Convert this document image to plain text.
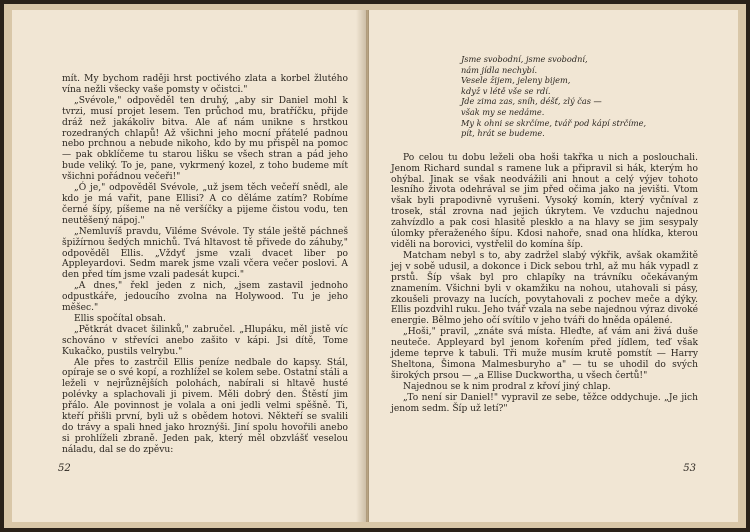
mít. My bychom raději hrst poctivého zlata a korbel žlutého vína nežli všecky vaše pomsty v očistci."

„Svévole," odpověděl ten druhý, „aby sir Daniel mohl k tvrzi, musí projet lesem. Ten průchod mu, bratříčku, přijde dráž než jakákoliv bitva. Ale ať nám unikne s hrstkou rozedraných chlapů! Až všichni jeho mocní přátelé padnou nebo prchnou a nebude nikoho, kdo by mu přispěl na pomoc — pak obklíčeme tu starou lišku se všech stran a pád jeho bude veliký. To je, pane, vykrmený kozel, z toho budeme mít všichni pořádnou večeři!"

„Ó je," odpověděl Svévole, „už jsem těch večeří snědl, ale kdo je má vařit, pane Ellisi? A co děláme zatím? Robíme černé šípy, píšeme na ně veršíčky a pijeme čistou vodu, ten neutěšený nápoj."

„Nemluvíš pravdu, Viléme Svévole. Ty stále ještě páchneš špižírnou šedých mnichů. Tvá hltavost tě přivede do záhuby," odpověděl Ellis. „Vždyť jsme vzali dvacet liber po Appleyardovi. Sedm marek jsme vzali včera večer poslovi. A den před tím jsme vzali padesát kupci."

„A dnes," řekl jeden z nich, „jsem zastavil jednoho odpustkáře, jedoucího zvolna na Holywood. Tu je jeho měšec."

Ellis spočítal obsah.

„Pětkrát dvacet šilinků," zabručel. „Hlupáku, měl jistě víc schováno v střevíci anebo zašito v kápi. Jsi dítě, Tome Kukačko, pustils velrybu."

Ale přes to zastrčil Ellis peníze nedbale do kapsy. Stál, opíraje se o své kopí, a rozhlížel se kolem sebe. Ostatní stáli a leželi v nejrůznějších polohách, nabírali si hltavě husté polévky a splachovali ji pivem. Měli dobrý den. Štěstí jim přálo. Ale povinnost je volala a oni jedli velmi spěšně. Ti, kteří přišli první, byli už s obědem hotovi. Někteří se svalili do trávy a spali hned jako hroznýši. Jiní spolu hovořili anebo si prohlíželi zbraně. Jeden pak, který měl obzvlášť veselou náladu, dal se do zpěvu:

52
Jsme svobodní, jsme svobodní,
nám jídla nechybí.
Vesele žijem, jeleny bijem,
když v létě vše se rdí.
Jde zima zas, sníh, déšť, zlý čas —
však my se nedáme.
My k ohni se skrčíme, tvář pod kápí strčíme,
pít, hrát se budeme.

Po celou tu dobu leželi oba hoši takřka u nich a poslouchali. Jenom Richard sundal s ramene luk a připravil si hák, kterým ho ohýbal. Jinak se však neodvážili ani hnout a celý výjev tohoto lesního života odehrával se jim před očima jako na jevišti. Vtom však byli prapodivně vyrušeni. Vysoký komín, který vyčníval z trosek, stál zrovna nad jejich úkrytem. Ve vzduchu najednou zahvízdlo a pak cosi hlasitě pleskło a na hlavy se jim sesypaly úlomky přeraženého šípu. Kdosi nahoře, snad ona hlídka, kterou viděli na borovici, vystřelil do komína šíp.

Matcham nebyl s to, aby zadržel slabý výkřik, avšak okamžitě jej v sobě udusil, a dokonce i Dick sebou trhl, až mu hák vypadl z prstů. Šíp však byl pro chlapíky na trávníku očekávaným znamením. Všichni byli v okamžiku na nohou, utahovali si pásy, zkoušeli provazy na lucích, povytahovali z pochev meče a dýky. Ellis pozdvihl ruku. Jeho tvář vzala na sebe najednou výraz divoké energie. Bělmo jeho očí svítilo v jeho tváři do hněda opálené.

„Hoši," pravil, „znáte svá místa. Hleďte, ať vám ani živá duše neuteče. Appleyard byl jenom kořením před jídlem, teď však jdeme teprve k tabuli. Tři muže musím krutě pomstít — Harry Sheltona, Šimona Malmesburyho a" — tu se uhodil do svých širokých prsou — „a Ellise Duckwortha, u všech čertů!"

Najednou se k nim prodral z křoví jiný chlap.

„To není sir Daniel!" vypravil ze sebe, těžce oddychuje. „Je jich jenom sedm. Šíp už letí?"

53
